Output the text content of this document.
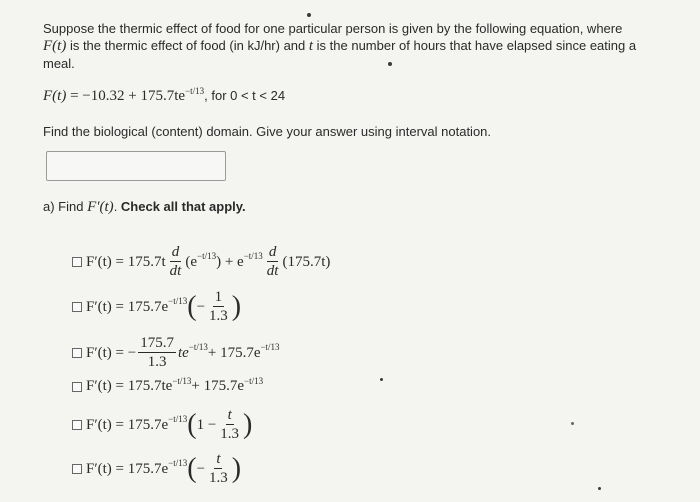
Suppose the thermic effect of food for one particular person is given by the following equation, where
F(t) is the thermic effect of food (in kJ/hr) and t is the number of hours that have elapsed since eating a
meal.
$F(t) = -10.32 + 175.7te^{-t/13}$, for 0 < t < 24
Find the biological (content) domain. Give your answer using interval notation.
a) Find F′(t). Check all that apply.
$F'(t) = 175.7t \frac{d}{dt} (e^{-t/13}$ ) + $e^{-t/13} \frac{d}{dt} (175.7t)$
$F'(t) = 175.7e^{-t/13}$ ( − $\frac{1}{1.3}$ )
F′(t) = − $\frac{175.7}{1.3} te^{-t/13} + 175.7e^{-t/13}$
$F'(t) = 175.7te^{-t/13} + 175.7e^{-t/13}$
$F'(t) = 175.7e^{-t/13}$ ( $1 - \frac{t}{1.3}$ )
$F'(t) = 175.7e^{-t/13}$ ( − $\frac{t}{1.3}$ )
